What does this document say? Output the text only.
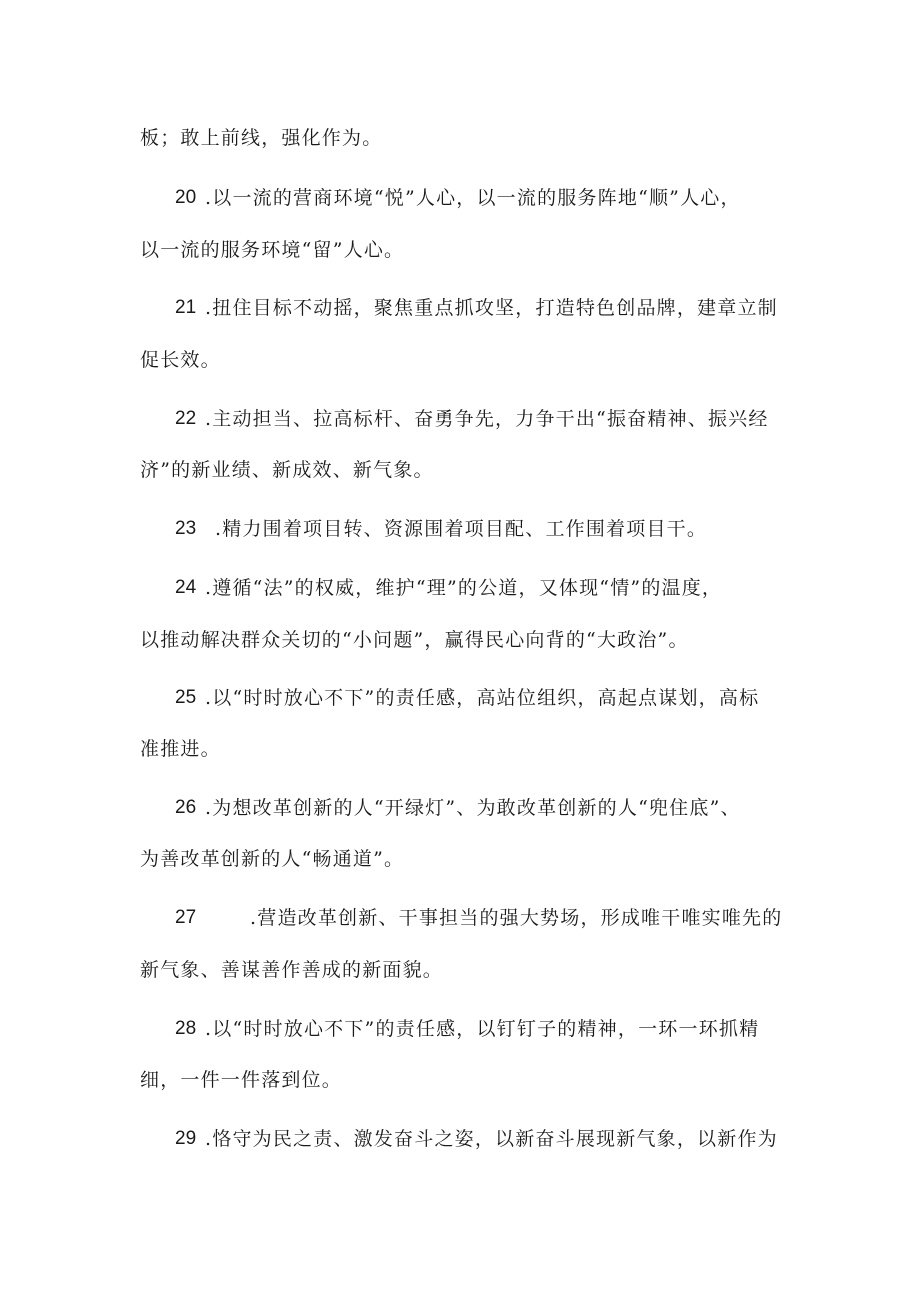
板；敢上前线，强化作为。
20 .以一流的营商环境“悦”人心，以一流的服务阵地“顺”人心，
以一流的服务环境“留”人心。
21 .扭住目标不动摇，聚焦重点抓攻坚，打造特色创品牌，建章立制
促长效。
22 .主动担当、拉高标杆、奋勇争先，力争干出“振奋精神、振兴经
济”的新业绩、新成效、新气象。
23 .精力围着项目转、资源围着项目配、工作围着项目干。
24 .遵循“法”的权威，维护“理”的公道，又体现“情”的温度，
以推动解决群众关切的“小问题”，赢得民心向背的“大政治”。
25 .以“时时放心不下”的责任感，高站位组织，高起点谋划，高标
准推进。
26 .为想改革创新的人“开绿灯”、为敢改革创新的人“兜住底”、
为善改革创新的人“畅通道”。
27	.营造改革创新、干事担当的强大势场，形成唯干唯实唯先的
新气象、善谋善作善成的新面貌。
28 .以“时时放心不下”的责任感，以钉钉子的精神，一环一环抓精
细，一件一件落到位。
29 .恪守为民之责、激发奋斗之姿，以新奋斗展现新气象，以新作为
